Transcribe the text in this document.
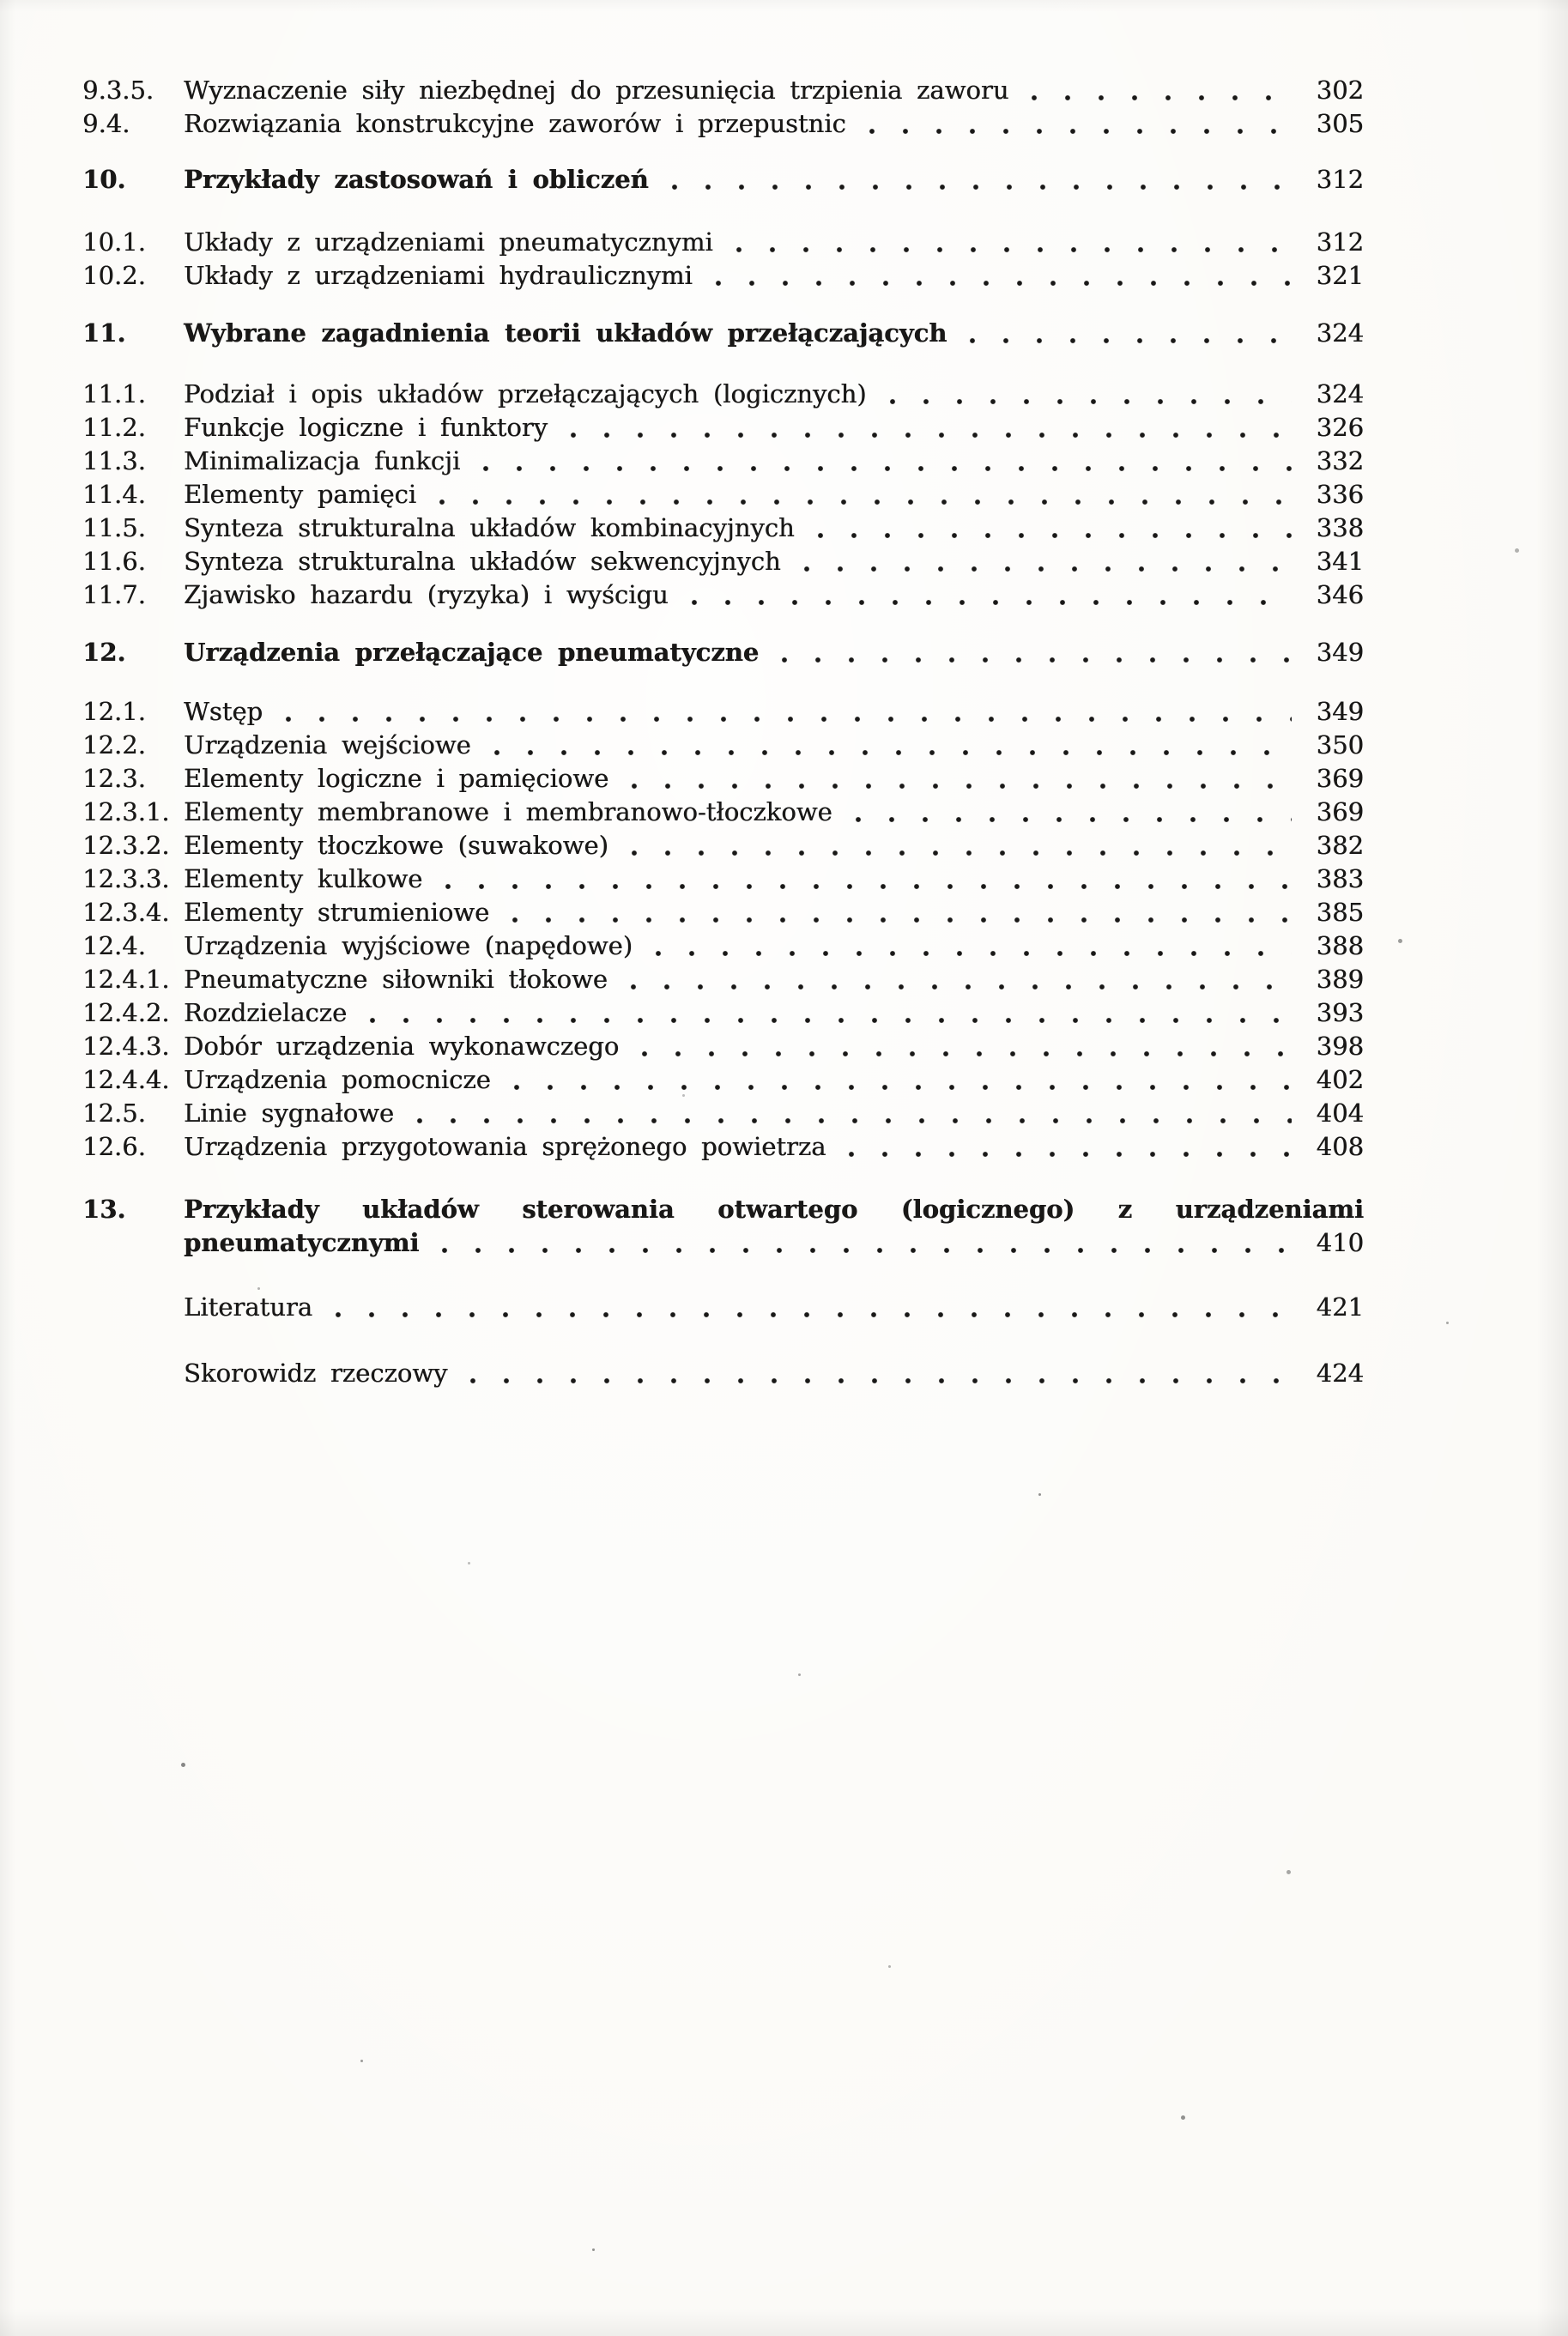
9.3.5.	Wyznaczenie siły niezbędnej do przesunięcia trzpienia zaworu ​	302
9.4.	Rozwiązania konstrukcyjne zaworów i przepustnic ​	305
10.	Przykłady zastosowań i obliczeń ​	312
10.1.	Układy z urządzeniami pneumatycznymi ​	312
10.2.	Układy z urządzeniami hydraulicznymi ​	321
11.	Wybrane zagadnienia teorii układów przełączających ​	324
11.1.	Podział i opis układów przełączających (logicznych) ​	324
11.2.	Funkcje logiczne i funktory ​	326
11.3.	Minimalizacja funkcji ​	332
11.4.	Elementy pamięci ​	336
11.5.	Synteza strukturalna układów kombinacyjnych ​	338
11.6.	Synteza strukturalna układów sekwencyjnych ​	341
11.7.	Zjawisko hazardu (ryzyka) i wyścigu ​	346
12.	Urządzenia przełączające pneumatyczne ​	349
12.1.	Wstęp ​	349
12.2.	Urządzenia wejściowe ​	350
12.3.	Elementy logiczne i pamięciowe ​	369
12.3.1. Elementy membranowe i membranowo-tłoczkowe ​	369
12.3.2. Elementy tłoczkowe (suwakowe) ​	382
12.3.3. Elementy kulkowe ​	383
12.3.4. Elementy strumieniowe ​	385
12.4.	Urządzenia wyjściowe (napędowe) ​	388
12.4.1. Pneumatyczne siłowniki tłokowe ​	389
12.4.2. Rozdzielacze ​	393
12.4.3. Dobór urządzenia wykonawczego ​	398
12.4.4. Urządzenia pomocnicze ​	402
12.5.	Linie sygnałowe ​	404
12.6.	Urządzenia przygotowania sprężonego powietrza ​	408
13.	Przykłady układów sterowania otwartego (logicznego) z urządzeniami
pneumatycznymi ​	410
Literatura ​	421
Skorowidz rzeczowy ​	424
